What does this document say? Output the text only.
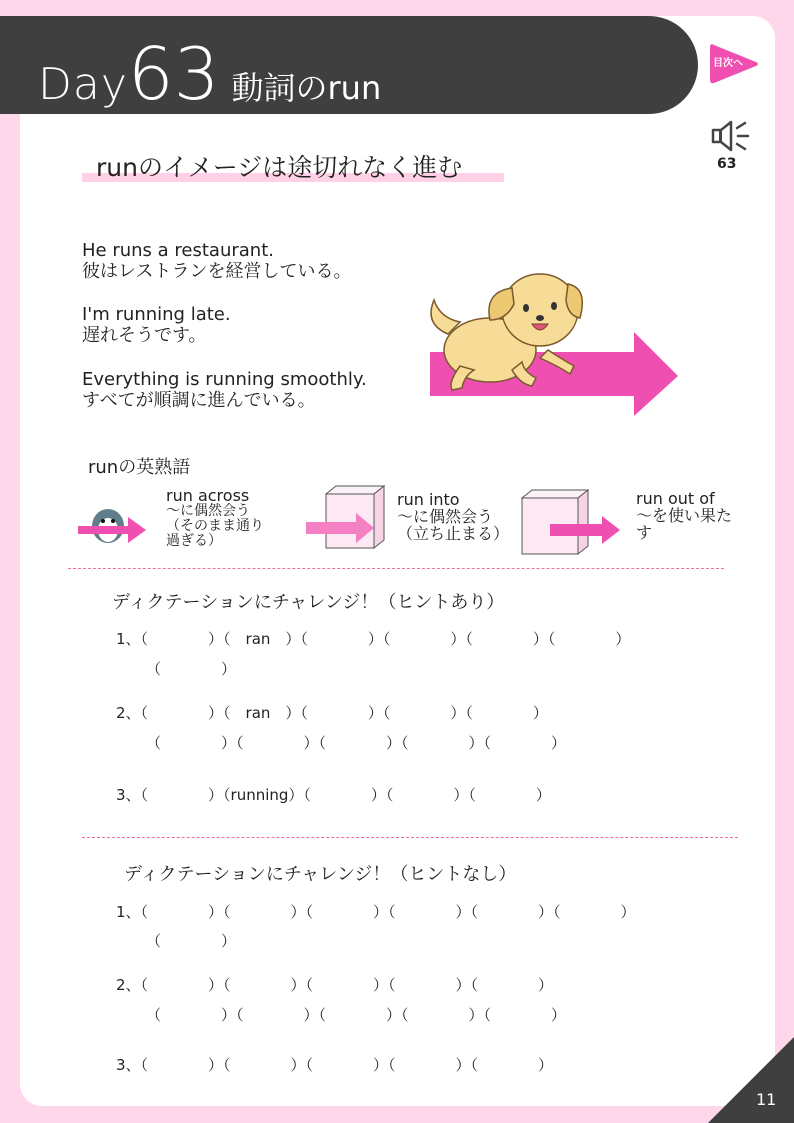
Day63 動詞のrun
目次へ
63
runのイメージは途切れなく進む
He runs a restaurant.
彼はレストランを経営している。
I'm running late.
遅れそうです。
Everything is running smoothly.
すべてが順調に進んでいる。
runの英熟語
run across
〜に偶然会う
（そのまま通り
過ぎる）
run into
〜に偶然会う
（立ち止まる）
run out of
〜を使い果た
す
ディクテーションにチャレンジ！（ヒントあり）
1、（　　　　）（　ran　）（　　　　）（　　　　）（　　　　）（　　　　）
（　　　　）
2、（　　　　）（　ran　）（　　　　）（　　　　）（　　　　）
（　　　　）（　　　　）（　　　　）（　　　　）（　　　　）
3、（　　　　）（running）（　　　　）（　　　　）（　　　　）
ディクテーションにチャレンジ！（ヒントなし）
1、（　　　　）（　　　　）（　　　　）（　　　　）（　　　　）（　　　　）
（　　　　）
2、（　　　　）（　　　　）（　　　　）（　　　　）（　　　　）
（　　　　）（　　　　）（　　　　）（　　　　）（　　　　）
3、（　　　　）（　　　　）（　　　　）（　　　　）（　　　　）
11
